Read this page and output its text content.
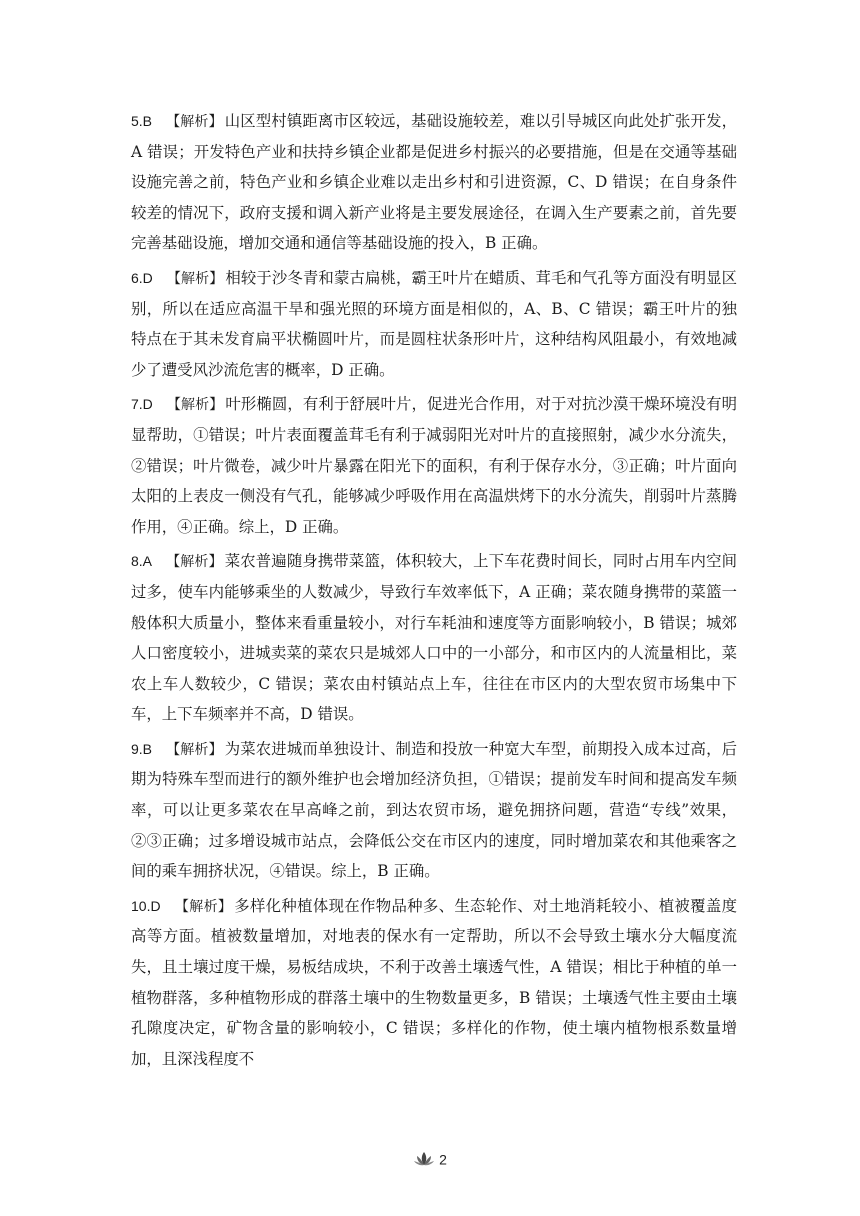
5.B 【解析】 山区型村镇距离市区较远，基础设施较差，难以引导城区向此处扩张开发，A 错误；开发特色产业和扶持乡镇企业都是促进乡村振兴的必要措施，但是在交通等基础设施完善之前，特色产业和乡镇企业难以走出乡村和引进资源，C、D 错误；在自身条件较差的情况下，政府支援和调入新产业将是主要发展途径，在调入生产要素之前，首先要完善基础设施，增加交通和通信等基础设施的投入，B 正确。

6.D 【解析】 相较于沙冬青和蒙古扁桃，霸王叶片在蜡质、茸毛和气孔等方面没有明显区别，所以在适应高温干旱和强光照的环境方面是相似的，A、B、C 错误；霸王叶片的独特点在于其未发育扁平状椭圆叶片，而是圆柱状条形叶片，这种结构风阻最小，有效地减少了遭受风沙流危害的概率，D 正确。

7.D 【解析】 叶形椭圆，有利于舒展叶片，促进光合作用，对于对抗沙漠干燥环境没有明显帮助，①错误；叶片表面覆盖茸毛有利于减弱阳光对叶片的直接照射，减少水分流失，②错误；叶片微卷，减少叶片暴露在阳光下的面积，有利于保存水分，③正确；叶片面向太阳的上表皮一侧没有气孔，能够减少呼吸作用在高温烘烤下的水分流失，削弱叶片蒸腾作用，④正确。综上，D 正确。

8.A 【解析】 菜农普遍随身携带菜篮，体积较大，上下车花费时间长，同时占用车内空间过多，使车内能够乘坐的人数减少，导致行车效率低下，A 正确；菜农随身携带的菜篮一般体积大质量小，整体来看重量较小，对行车耗油和速度等方面影响较小，B 错误；城郊人口密度较小，进城卖菜的菜农只是城郊人口中的一小部分，和市区内的人流量相比，菜农上车人数较少，C 错误；菜农由村镇站点上车，往往在市区内的大型农贸市场集中下车，上下车频率并不高，D 错误。

9.B 【解析】 为菜农进城而单独设计、制造和投放一种宽大车型，前期投入成本过高，后期为特殊车型而进行的额外维护也会增加经济负担，①错误；提前发车时间和提高发车频率，可以让更多菜农在早高峰之前，到达农贸市场，避免拥挤问题，营造“专线”效果，②③正确；过多增设城市站点，会降低公交在市区内的速度，同时增加菜农和其他乘客之间的乘车拥挤状况，④错误。综上，B 正确。

10.D 【解析】 多样化种植体现在作物品种多、生态轮作、对土地消耗较小、植被覆盖度高等方面。植被数量增加，对地表的保水有一定帮助，所以不会导致土壤水分大幅度流失，且土壤过度干燥，易板结成块，不利于改善土壤透气性，A 错误；相比于种植的单一植物群落，多种植物形成的群落土壤中的生物数量更多，B 错误；土壤透气性主要由土壤孔隙度决定，矿物含量的影响较小，C 错误；多样化的作物，使土壤内植物根系数量增加，且深浅程度不

2
